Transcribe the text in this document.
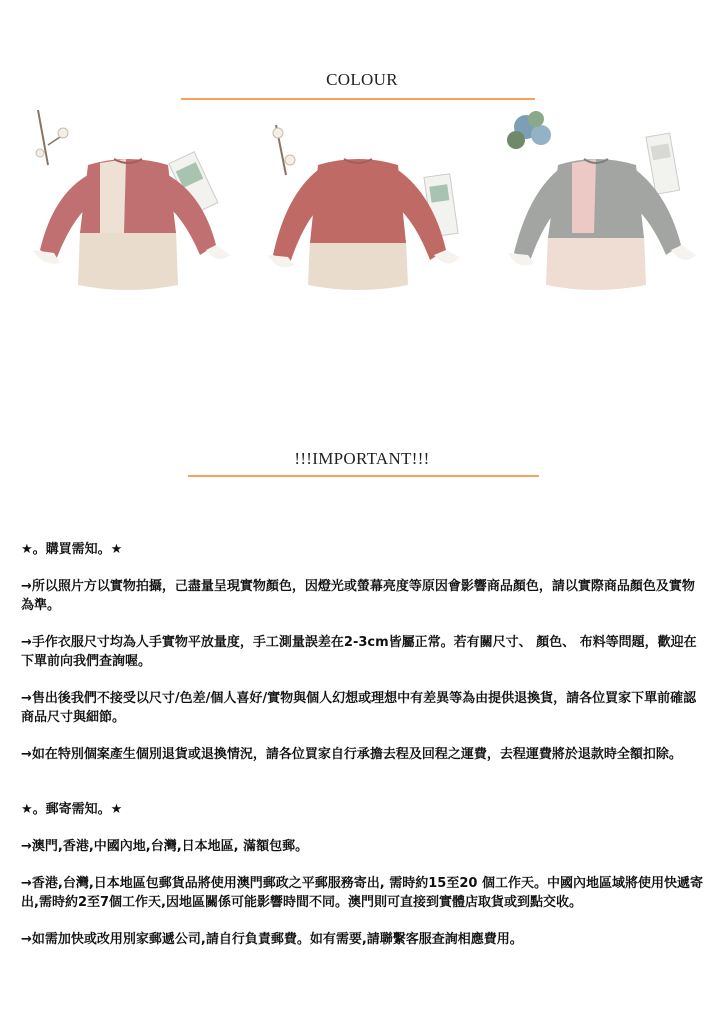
COLOUR
!!!IMPORTANT!!!

★。購買需知。★

→所以照片方以實物拍攝，己盡量呈現實物顏色，因燈光或螢幕亮度等原因會影響商品顏色，請以實際商品顏色及實物為準。

→手作衣服尺寸均為人手實物平放量度，手工測量誤差在2-3cm皆屬正常。若有關尺寸、 顏色、 布料等問題，歡迎在下單前向我們查詢喔。

→售出後我們不接受以尺寸/色差/個人喜好/實物與個人幻想或理想中有差異等為由提供退換貨，請各位買家下單前確認商品尺寸與細節。

→如在特別個案產生個別退貨或退換情況，請各位買家自行承擔去程及回程之運費，去程運費將於退款時全額扣除。

★。郵寄需知。★

→澳門,香港,中國內地,台灣,日本地區, 滿額包郵。

→香港,台灣,日本地區包郵貨品將使用澳門郵政之平郵服務寄出, 需時約15至20 個工作天。中國內地區域將使用快遞寄出,需時約2至7個工作天,因地區關係可能影響時間不同。澳門則可直接到實體店取貨或到點交收。

→如需加快或改用別家郵遞公司,請自行負責郵費。如有需要,請聯繫客服查詢相應費用。
